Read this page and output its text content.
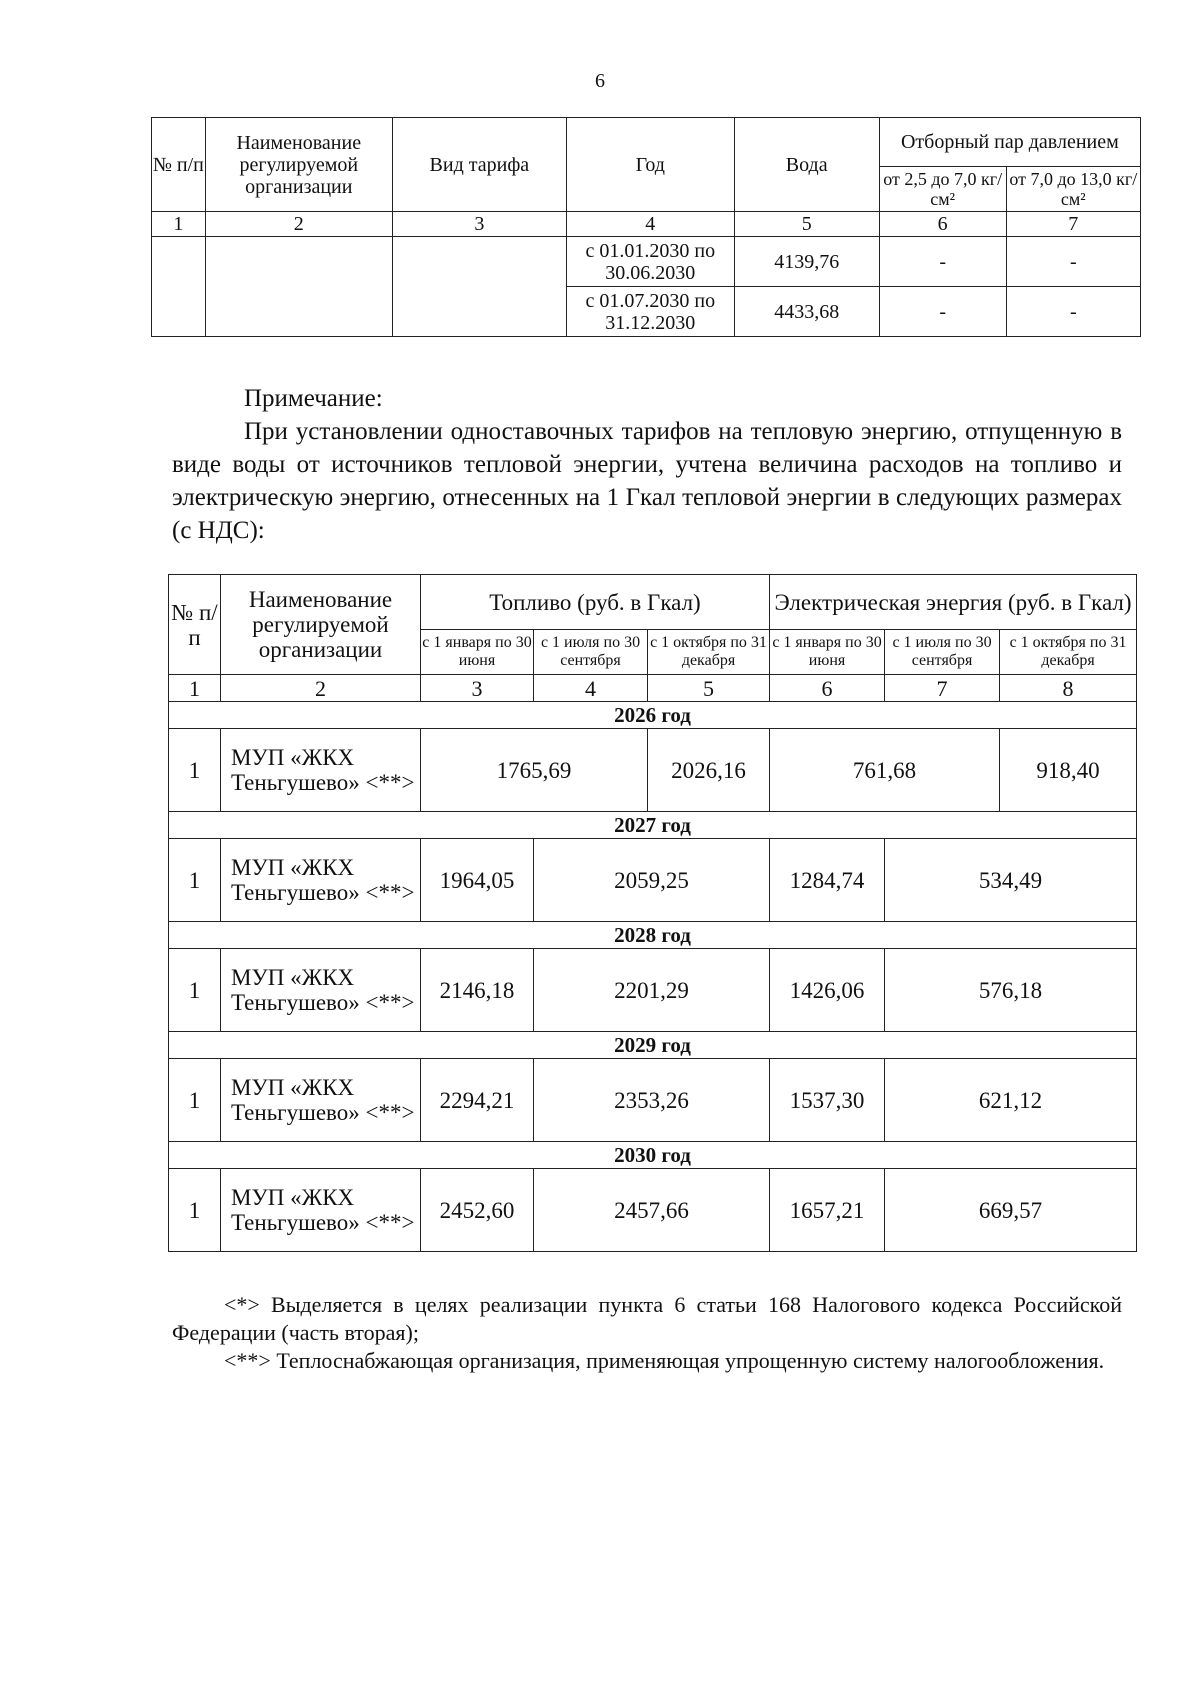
6
№ п/п	Наименование регулируемой организации	Вид тарифа	Год	Вода	Отборный пар давлением	
					от 2,5 до 7,0 кг/см²	от 7,0 до 13,0 кг/см²
1	2	3	4	5	6	7
			с 01.01.2030 по 30.06.2030	4139,76	-	-
			с 01.07.2030 по 31.12.2030	4433,68	-	-

Примечание:

При установлении одноставочных тарифов на тепловую энергию, отпущенную в виде воды от источников тепловой энергии, учтена величина расходов на топливо и электрическую энергию, отнесенных на 1 Гкал тепловой энергии в следующих размерах (с НДС):

№ п/п	Наименование регулируемой организации	Топливо (руб. в Гкал)			Электрическая энергия (руб. в Гкал)		
		с 1 января по 30 июня	с 1 июля по 30 сентября	с 1 октября по 31 декабря	с 1 января по 30 июня	с 1 июля по 30 сентября	с 1 октября по 31 декабря
1	2	3	4	5	6	7	8
2026 год							
1	МУП «ЖКХ Теньгушево» <**>	1765,69		2026,16	761,68		918,40
2027 год							
1	МУП «ЖКХ Теньгушево» <**>	1964,05	2059,25		1284,74	534,49	
2028 год							
1	МУП «ЖКХ Теньгушево» <**>	2146,18	2201,29		1426,06	576,18	
2029 год							
1	МУП «ЖКХ Теньгушево» <**>	2294,21	2353,26		1537,30	621,12	
2030 год							
1	МУП «ЖКХ Теньгушево» <**>	2452,60	2457,66		1657,21	669,57	

<*> Выделяется в целях реализации пункта 6 статьи 168 Налогового кодекса Российской Федерации (часть вторая);

<**> Теплоснабжающая организация, применяющая упрощенную систему налогообложения.
